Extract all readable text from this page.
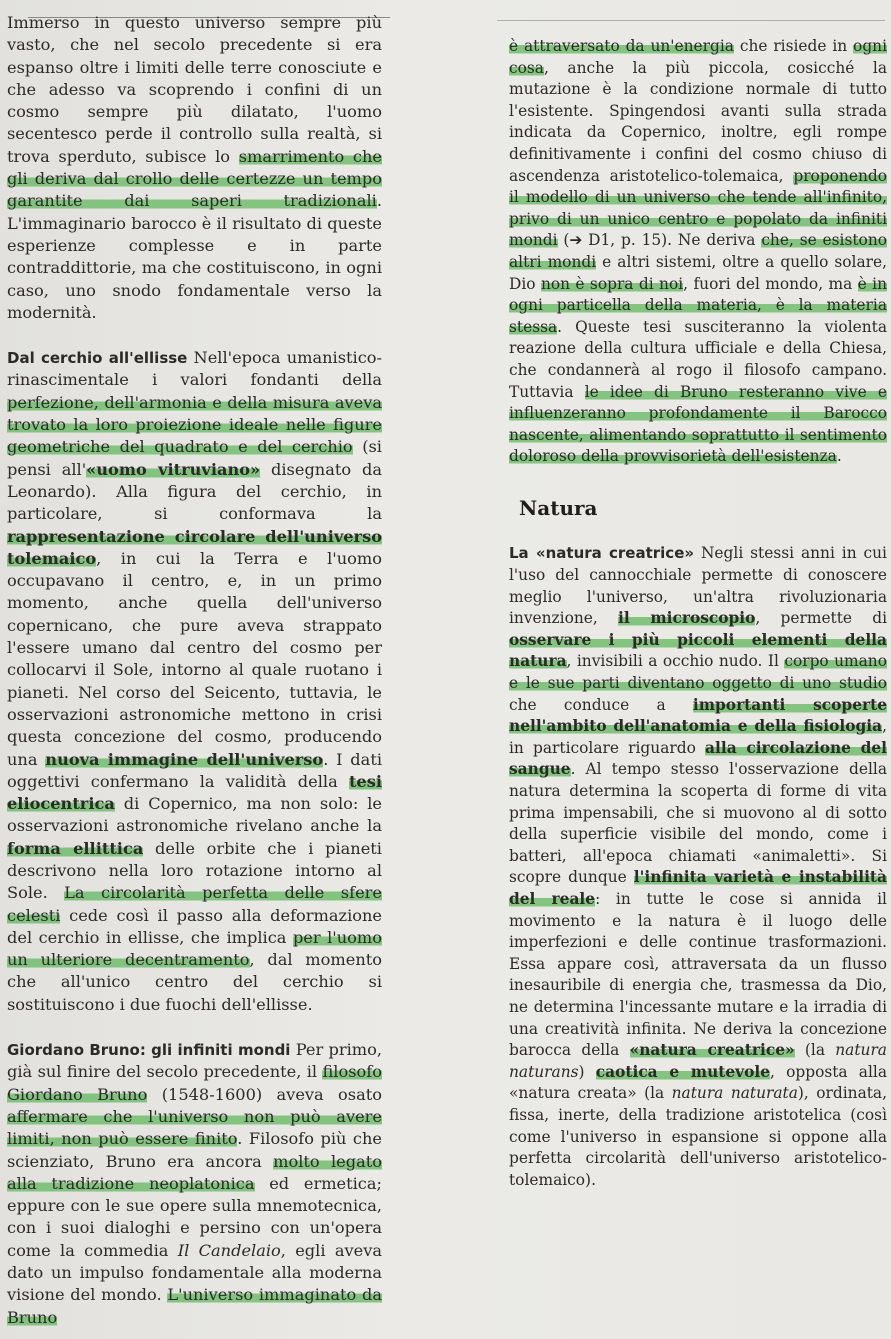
Immerso in questo universo sempre più vasto, che nel secolo precedente si era espanso oltre i limiti delle terre conosciute e che adesso va scoprendo i confini di un cosmo sempre più dilatato, l'uomo secentesco perde il controllo sulla realtà, si trova sperduto, subisce lo smarrimento che gli deriva dal crollo delle certezze un tempo garantite dai saperi tradizionali. L'immaginario barocco è il risultato di queste esperienze complesse e in parte contraddittorie, ma che costituiscono, in ogni caso, uno snodo fondamentale verso la modernità.

Dal cerchio all'ellisse Nell'epoca umanistico-rinascimentale i valori fondanti della perfezione, dell'armonia e della misura aveva trovato la loro proiezione ideale nelle figure geometriche del quadrato e del cerchio (si pensi all'«uomo vitruviano» disegnato da Leonardo). Alla figura del cerchio, in particolare, si conformava la rappresentazione circolare dell'universo tolemaico, in cui la Terra e l'uomo occupavano il centro, e, in un primo momento, anche quella dell'universo copernicano, che pure aveva strappato l'essere umano dal centro del cosmo per collocarvi il Sole, intorno al quale ruotano i pianeti. Nel corso del Seicento, tuttavia, le osservazioni astronomiche mettono in crisi questa concezione del cosmo, producendo una nuova immagine dell'universo. I dati oggettivi confermano la validità della tesi eliocentrica di Copernico, ma non solo: le osservazioni astronomiche rivelano anche la forma ellittica delle orbite che i pianeti descrivono nella loro rotazione intorno al Sole. La circolarità perfetta delle sfere celesti cede così il passo alla deformazione del cerchio in ellisse, che implica per l'uomo un ulteriore decentramento, dal momento che all'unico centro del cerchio si sostituiscono i due fuochi dell'ellisse.

Giordano Bruno: gli infiniti mondi Per primo, già sul finire del secolo precedente, il filosofo Giordano Bruno (1548-1600) aveva osato affermare che l'universo non può avere limiti, non può essere finito. Filosofo più che scienziato, Bruno era ancora molto legato alla tradizione neoplatonica ed ermetica; eppure con le sue opere sulla mnemotecnica, con i suoi dialoghi e persino con un'opera come la commedia Il Candelaio, egli aveva dato un impulso fondamentale alla moderna visione del mondo. L'universo immaginato da Bruno

è attraversato da un'energia che risiede in ogni cosa, anche la più piccola, cosicché la mutazione è la condizione normale di tutto l'esistente. Spingendosi avanti sulla strada indicata da Copernico, inoltre, egli rompe definitivamente i confini del cosmo chiuso di ascendenza aristotelico-tolemaica, proponendo il modello di un universo che tende all'infinito, privo di un unico centro e popolato da infiniti mondi (➔ D1, p. 15). Ne deriva che, se esistono altri mondi e altri sistemi, oltre a quello solare, Dio non è sopra di noi, fuori del mondo, ma è in ogni particella della materia, è la materia stessa. Queste tesi susciteranno la violenta reazione della cultura ufficiale e della Chiesa, che condannerà al rogo il filosofo campano. Tuttavia le idee di Bruno resteranno vive e influenzeranno profondamente il Barocco nascente, alimentando soprattutto il sentimento doloroso della provvisorietà dell'esistenza.

Natura

La «natura creatrice» Negli stessi anni in cui l'uso del cannocchiale permette di conoscere meglio l'universo, un'altra rivoluzionaria invenzione, il microscopio, permette di osservare i più piccoli elementi della natura, invisibili a occhio nudo. Il corpo umano e le sue parti diventano oggetto di uno studio che conduce a importanti scoperte nell'ambito dell'anatomia e della fisiologia, in particolare riguardo alla circolazione del sangue. Al tempo stesso l'osservazione della natura determina la scoperta di forme di vita prima impensabili, che si muovono al di sotto della superficie visibile del mondo, come i batteri, all'epoca chiamati «animaletti». Si scopre dunque l'infinita varietà e instabilità del reale: in tutte le cose si annida il movimento e la natura è il luogo delle imperfezioni e delle continue trasformazioni. Essa appare così, attraversata da un flusso inesauribile di energia che, trasmessa da Dio, ne determina l'incessante mutare e la irradia di una creatività infinita. Ne deriva la concezione barocca della «natura creatrice» (la natura naturans) caotica e mutevole, opposta alla «natura creata» (la natura naturata), ordinata, fissa, inerte, della tradizione aristotelica (così come l'universo in espansione si oppone alla perfetta circolarità dell'universo aristotelico-tolemaico).
